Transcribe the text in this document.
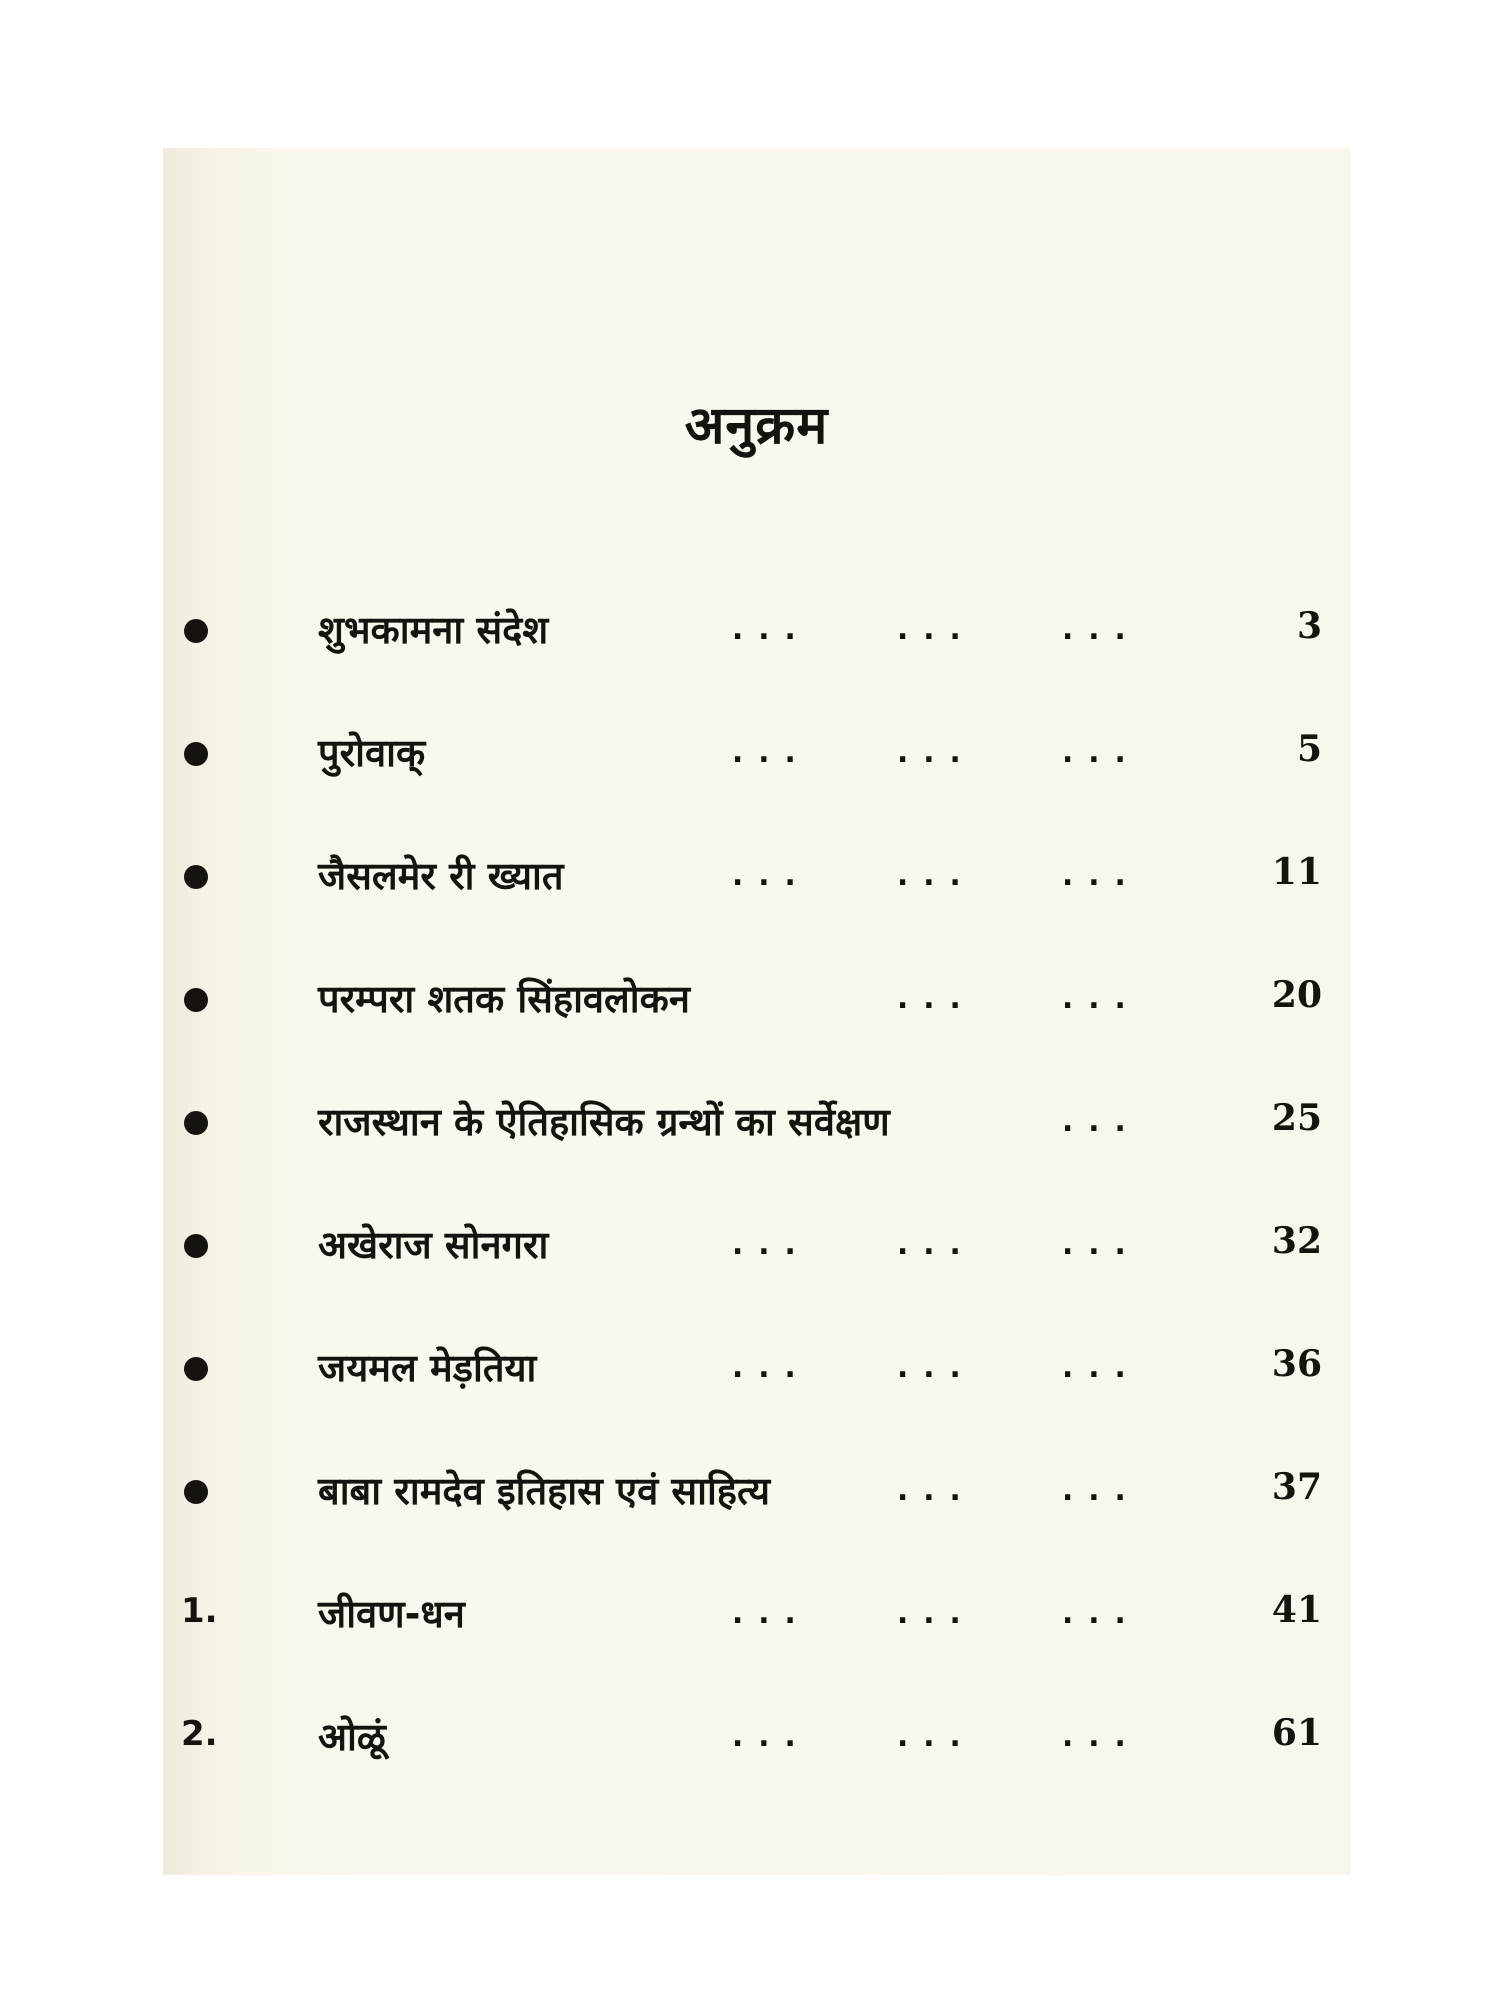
अनुक्रम
शुभकामना संदेश	...	...	...	3
पुरोवाक्	...	...	...	5
जैसलमेर री ख्यात	...	...	...	11
परम्परा शतक सिंहावलोकन	...	...	20
राजस्थान के ऐतिहासिक ग्रन्थों का सर्वेक्षण	...	25
अखेराज सोनगरा	...	...	...	32
जयमल मेड़तिया	...	...	...	36
बाबा रामदेव इतिहास एवं साहित्य	...	...	37
1.	जीवण-धन	...	...	...	41
2.	ओळूं	...	...	...	61
